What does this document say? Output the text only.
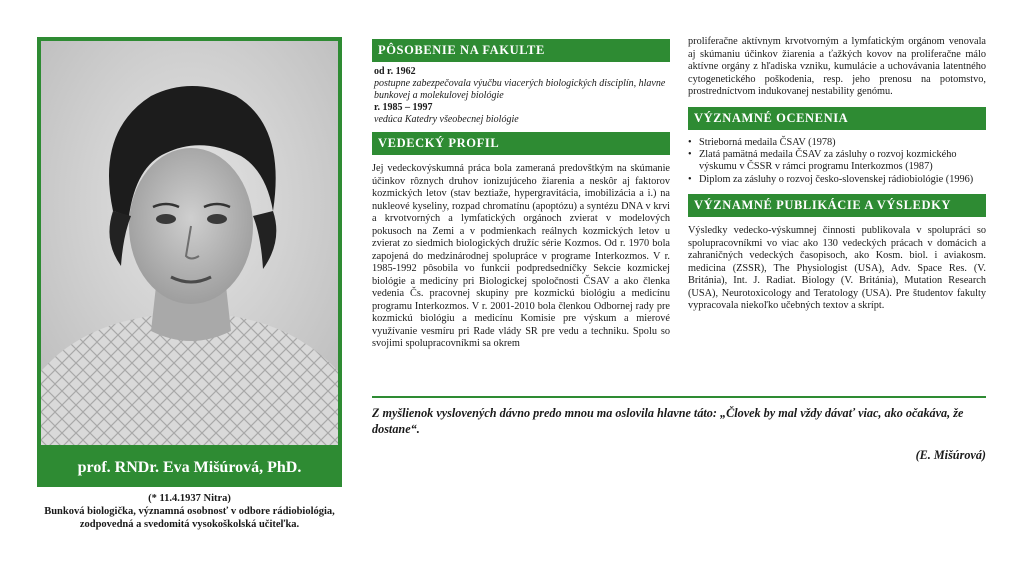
prof. RNDr. Eva Mišúrová, PhD.
(* 11.4.1937 Nitra)
Bunková biologička, významná osobnosť v odbore rádiobiológia,
zodpovedná a svedomitá vysokoškolská učiteľka.
PÔSOBENIE NA FAKULTE
od r. 1962
postupne zabezpečovala výučbu viacerých biologických disciplín, hlavne bunkovej a molekulovej biológie
r. 1985 – 1997
vedúca Katedry všeobecnej biológie
VEDECKÝ PROFIL

Jej vedeckovýskumná práca bola zameraná predovštkým na skúmanie účinkov rôznych druhov ionizujúceho žiarenia a neskôr aj faktorov kozmických letov (stav beztiaže, hypergravitácia, imobilizácia a i.) na nukleové kyseliny, rozpad chromatínu (apoptózu) a syntézu DNA v krvi a krvotvorných a lymfatických orgánoch zvierat v modelových pokusoch na Zemi a v podmienkach reálnych kozmických letov u zvierat zo siedmich biologických družíc série Kozmos. Od r. 1970 bola zapojená do medzinárodnej spolupráce v programe Interkozmos. V r. 1985-1992 pôsobila vo funkcii podpredsedníčky Sekcie kozmickej biológie a medicíny pri Biologickej spoločnosti ČSAV a ako členka vedenia Čs. pracovnej skupiny pre kozmickú biológiu a medicínu programu Interkozmos. V r. 2001-2010 bola členkou Odbornej rady pre kozmickú biológiu a medicínu Komisie pre výskum a mierové využívanie vesmíru pri Rade vlády SR pre vedu a techniku. Spolu so svojimi spolupracovníkmi sa okrem

proliferačne aktívnym krvotvorným a lymfatickým orgánom venovala aj skúmaniu účinkov žiarenia a ťažkých kovov na proliferačne málo aktívne orgány z hľadiska vzniku, kumulácie a uchovávania latentného cytogenetického poškodenia, resp. jeho prenosu na potomstvo, prostredníctvom indukovanej nestability genómu.

VÝZNAMNÉ OCENENIA
• Strieborná medaila ČSAV (1978)
• Zlatá pamätná medaila ČSAV za zásluhy o rozvoj kozmického výskumu v ČSSR v rámci programu Interkozmos (1987)
• Diplom za zásluhy o rozvoj česko-slovenskej rádiobiológie (1996)
VÝZNAMNÉ PUBLIKÁCIE A VÝSLEDKY

Výsledky vedecko-výskumnej činnosti publikovala v spolupráci so spolupracovníkmi vo viac ako 130 vedeckých prácach v domácich a zahraničných vedeckých časopisoch, ako Kosm. biol. i aviakosm. medicina (ZSSR), The Physiologist (USA), Adv. Space Res. (V. Británia), Int. J. Radiat. Biology (V. Británia), Mutation Research (USA), Neurotoxicology and Teratology (USA). Pre študentov fakulty vypracovala niekoľko učebných textov a skrípt.

Z myšlienok vyslovených dávno predo mnou ma oslovila hlavne táto: „Človek by mal vždy dávať viac, ako očakáva, že dostane“.
(E. Mišúrová)
